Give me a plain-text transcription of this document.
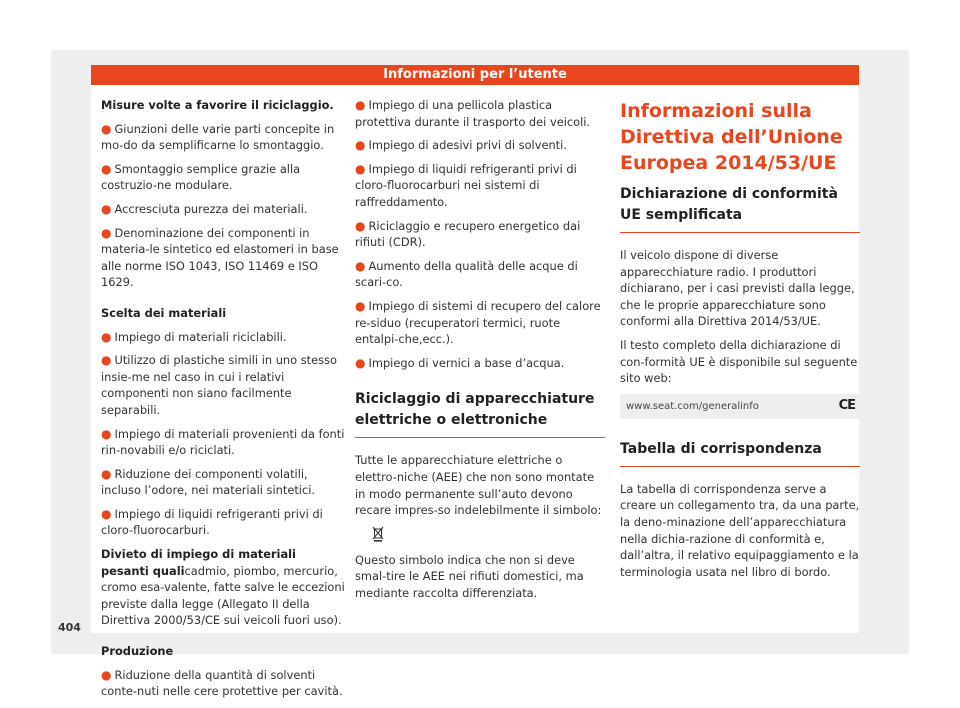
Informazioni per l’utente

Misure volte a favorire il riciclaggio.

● Giunzioni delle varie parti concepite in mo-do da semplificarne lo smontaggio.

● Smontaggio semplice grazie alla costruzio-ne modulare.

● Accresciuta purezza dei materiali.

● Denominazione dei componenti in materia-le sintetico ed elastomeri in base alle norme ISO 1043, ISO 11469 e ISO 1629.

Scelta dei materiali

● Impiego di materiali riciclabili.

● Utilizzo di plastiche simili in uno stesso insie-me nel caso in cui i relativi componenti non siano facilmente separabili.

● Impiego di materiali provenienti da fonti rin-novabili e/o riciclati.

● Riduzione dei componenti volatili, incluso l’odore, nei materiali sintetici.

● Impiego di liquidi refrigeranti privi di cloro-fluorocarburi.

Divieto di impiego di materiali pesanti qualicadmio, piombo, mercurio, cromo esa-valente, fatte salve le eccezioni previste dalla legge (Allegato II della Direttiva 2000/53/CE sui veicoli fuori uso).

Produzione

● Riduzione della quantità di solventi conte-nuti nelle cere protettive per cavità.

● Impiego di una pellicola plastica protettiva durante il trasporto dei veicoli.

● Impiego di adesivi privi di solventi.

● Impiego di liquidi refrigeranti privi di cloro-fluorocarburi nei sistemi di raffreddamento.

● Riciclaggio e recupero energetico dai rifiuti (CDR).

● Aumento della qualità delle acque di scari-co.

● Impiego di sistemi di recupero del calore re-siduo (recuperatori termici, ruote entalpi-che,ecc.).

● Impiego di vernici a base d’acqua.

Riciclaggio di apparecchiature elettriche o elettroniche

Tutte le apparecchiature elettriche o elettro-niche (AEE) che non sono montate in modo permanente sull’auto devono recare impres-so indelebilmente il simbolo:

Questo simbolo indica che non si deve smal-tire le AEE nei rifiuti domestici, ma mediante raccolta differenziata.

Informazioni sulla Direttiva dell’Unione Europea 2014/53/UE
Dichiarazione di conformità UE semplificata

Il veicolo dispone di diverse apparecchiature radio. I produttori dichiarano, per i casi previsti dalla legge, che le proprie apparecchiature sono conformi alla Direttiva 2014/53/UE.

Il testo completo della dichiarazione di con-formità UE è disponibile sul seguente sito web:

www.seat.com/generalinfo	CE
Tabella di corrispondenza

La tabella di corrispondenza serve a creare un collegamento tra, da una parte, la deno-minazione dell’apparecchiatura nella dichia-razione di conformità e, dall’altra, il relativo equipaggiamento e la terminologia usata nel libro di bordo.

404
